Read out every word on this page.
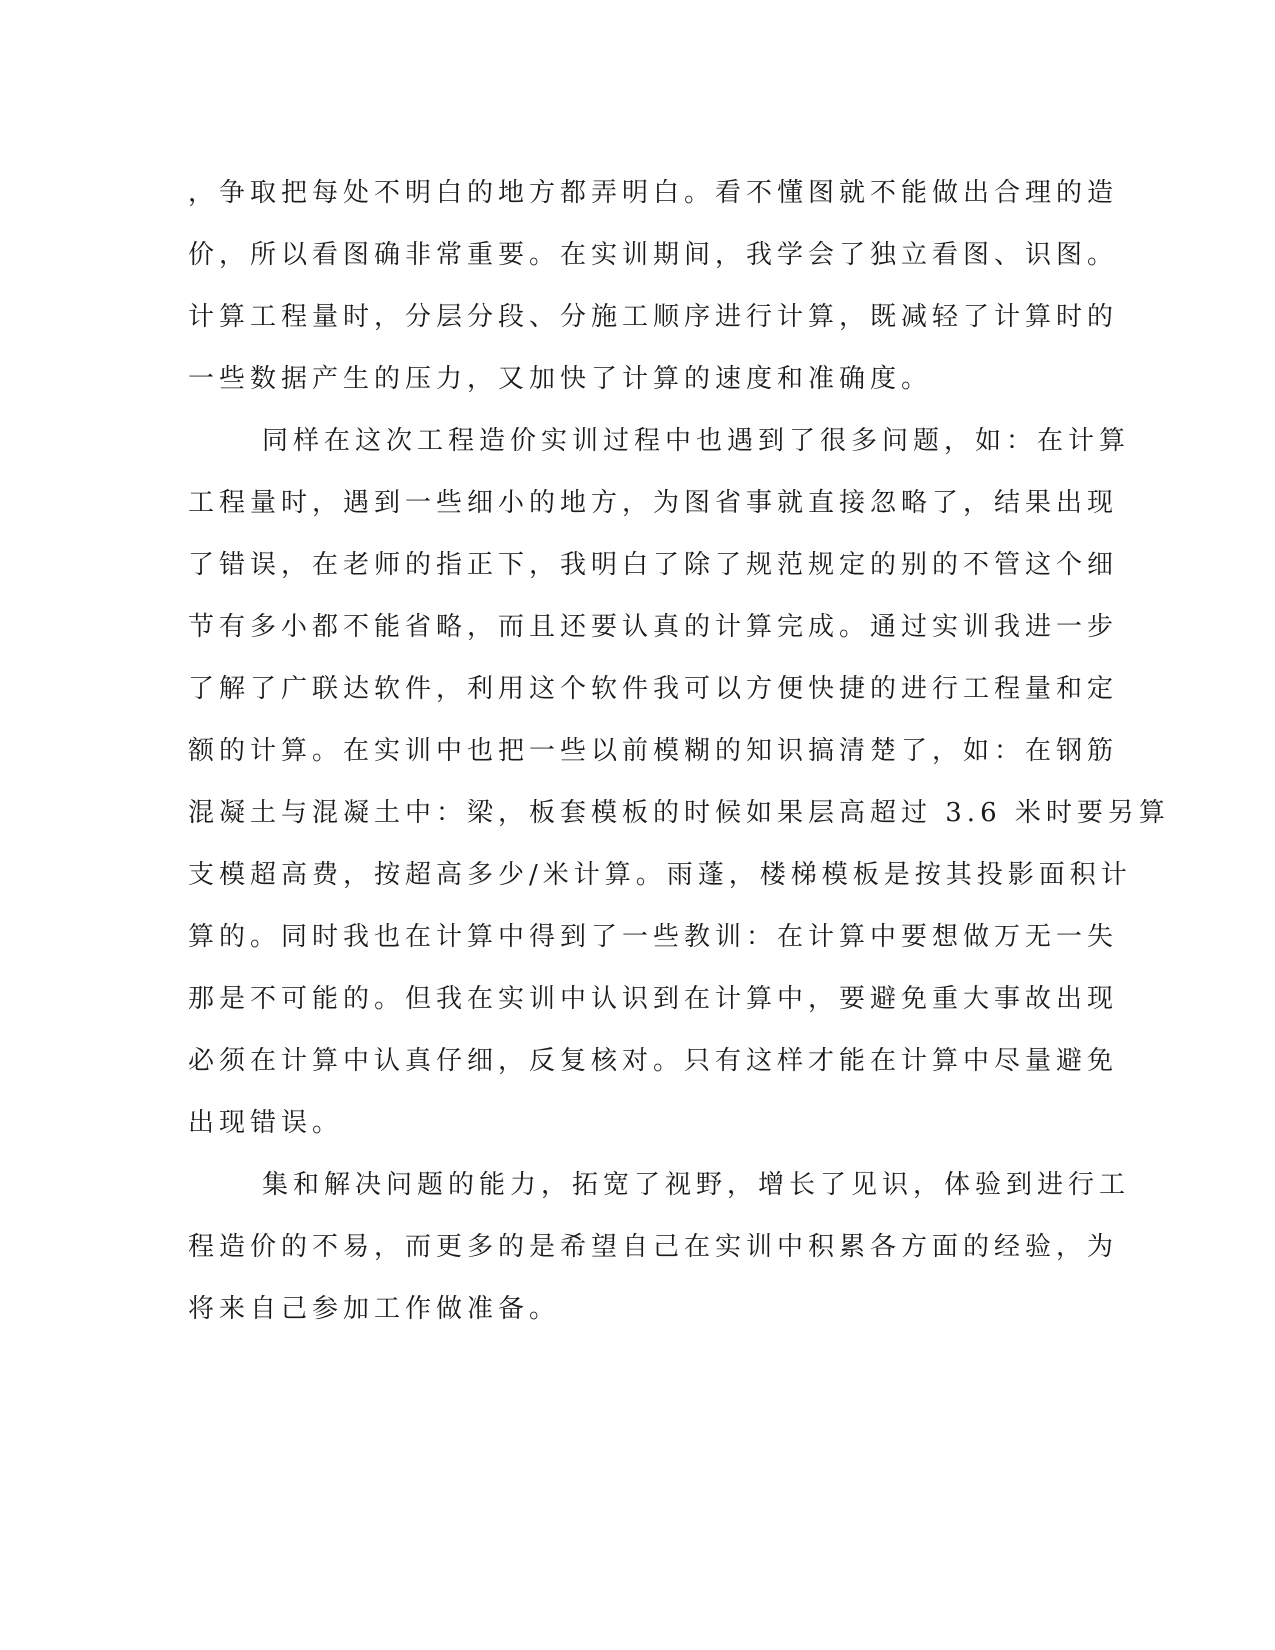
，争取把每处不明白的地方都弄明白。看不懂图就不能做出合理的造
价，所以看图确非常重要。在实训期间，我学会了独立看图、识图。
计算工程量时，分层分段、分施工顺序进行计算，既减轻了计算时的
一些数据产生的压力，又加快了计算的速度和准确度。
同样在这次工程造价实训过程中也遇到了很多问题，如：在计算
工程量时，遇到一些细小的地方，为图省事就直接忽略了，结果出现
了错误，在老师的指正下，我明白了除了规范规定的别的不管这个细
节有多小都不能省略，而且还要认真的计算完成。通过实训我进一步
了解了广联达软件，利用这个软件我可以方便快捷的进行工程量和定
额的计算。在实训中也把一些以前模糊的知识搞清楚了，如：在钢筋
混凝土与混凝土中：梁，板套模板的时候如果层高超过 3.6 米时要另算
支模超高费，按超高多少/米计算。雨蓬，楼梯模板是按其投影面积计
算的。同时我也在计算中得到了一些教训：在计算中要想做万无一失
那是不可能的。但我在实训中认识到在计算中，要避免重大事故出现
必须在计算中认真仔细，反复核对。只有这样才能在计算中尽量避免
出现错误。
集和解决问题的能力，拓宽了视野，增长了见识，体验到进行工
程造价的不易，而更多的是希望自己在实训中积累各方面的经验，为
将来自己参加工作做准备。
